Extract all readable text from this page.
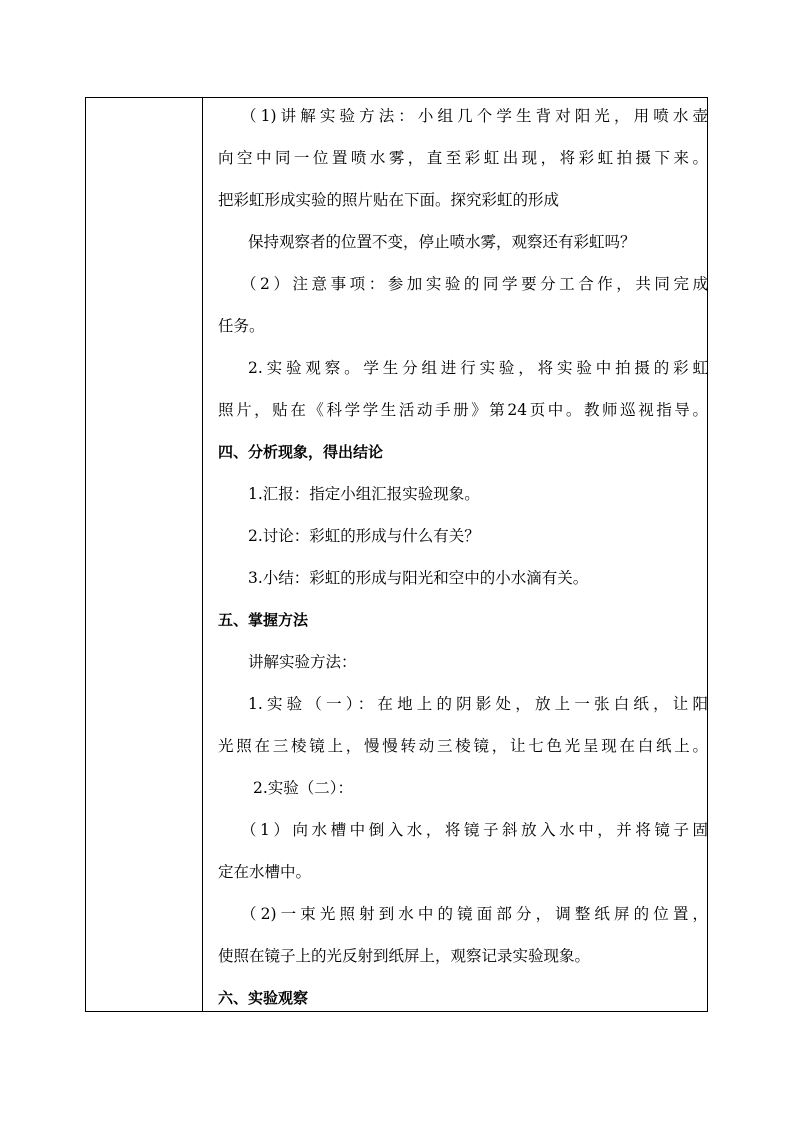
（1)讲解实验方法：小组几个学生背对阳光，用喷水壶
向空中同一位置喷水雾，直至彩虹出现，将彩虹拍摄下来。
把彩虹形成实验的照片贴在下面。探究彩虹的形成
保持观察者的位置不变，停止喷水雾，观察还有彩虹吗？
（2）注意事项：参加实验的同学要分工合作，共同完成
任务。
2.实验观察。学生分组进行实验，将实验中拍摄的彩虹
照片，贴在《科学学生活动手册》第24页中。教师巡视指导。
四、分析现象，得出结论
1.汇报：指定小组汇报实验现象。
2.讨论：彩虹的形成与什么有关？
3.小结：彩虹的形成与阳光和空中的小水滴有关。
五、掌握方法
讲解实验方法：
1.实验（一）：在地上的阴影处，放上一张白纸，让阳
光照在三棱镜上，慢慢转动三棱镜，让七色光呈现在白纸上。
2.实验（二）：
（1）向水槽中倒入水，将镜子斜放入水中，并将镜子固
定在水槽中。
（2)一束光照射到水中的镜面部分，调整纸屏的位置，
使照在镜子上的光反射到纸屏上，观察记录实验现象。
六、实验观察
